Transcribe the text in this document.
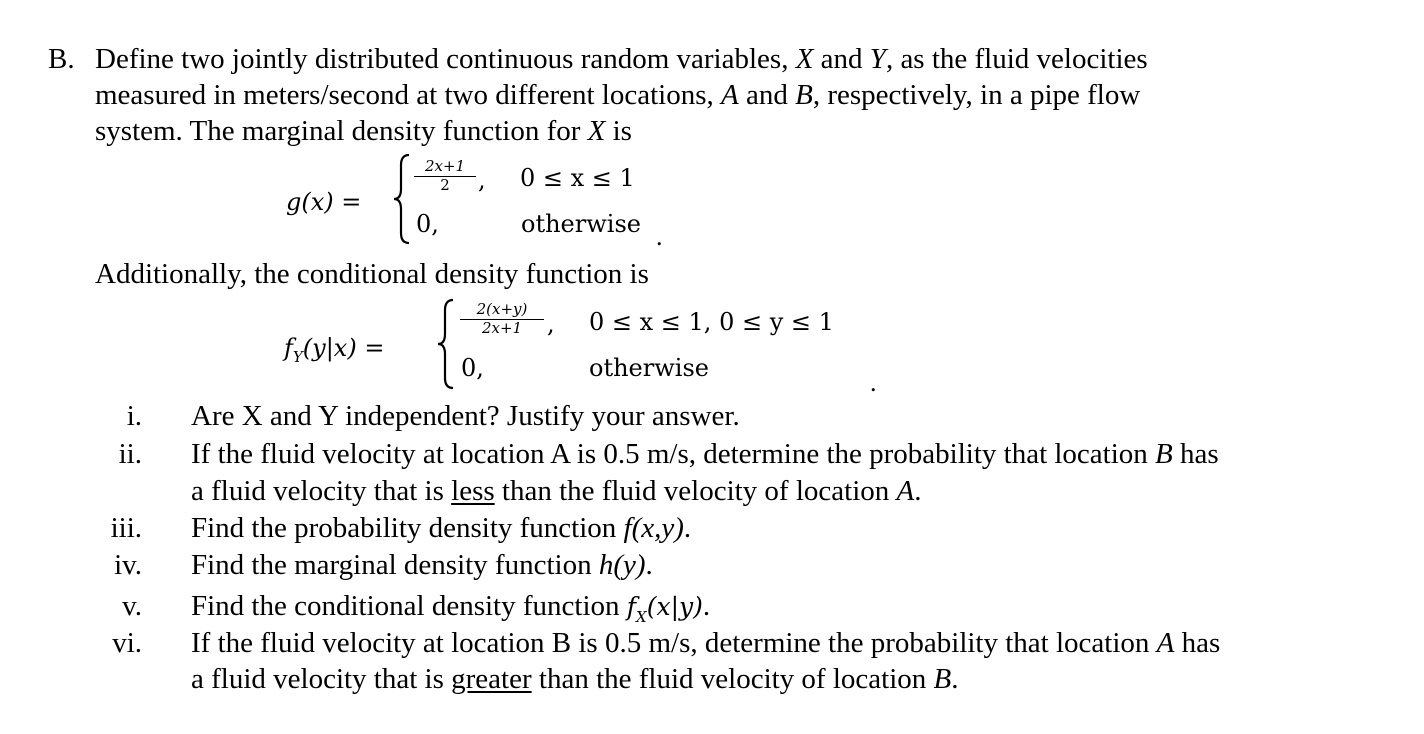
B. Define two jointly distributed continuous random variables, X and Y, as the fluid velocities
measured in meters/second at two different locations, A and B, respectively, in a pipe flow
system. The marginal density function for X is
g(x) =
$\frac{2x+1}{2}$ , 0 ≤ x ≤ 1
0,	otherwise .
Additionally, the conditional density function is
$f_Y(y|x)$ =
$\frac{2(x+y)}{2x+1}$ , 0 ≤ x ≤ 1, 0 ≤ y ≤ 1
0,	otherwise	.
i. Are X and Y independent? Justify your answer.
ii. If the fluid velocity at location A is 0.5 m/s, determine the probability that location B has
a fluid velocity that is less than the fluid velocity of location A.
iii. Find the probability density function f(x,y).
iv. Find the marginal density function h(y).
v. Find the conditional density function $f_X(x|y)$.
vi. If the fluid velocity at location B is 0.5 m/s, determine the probability that location A has
a fluid velocity that is greater than the fluid velocity of location B.
